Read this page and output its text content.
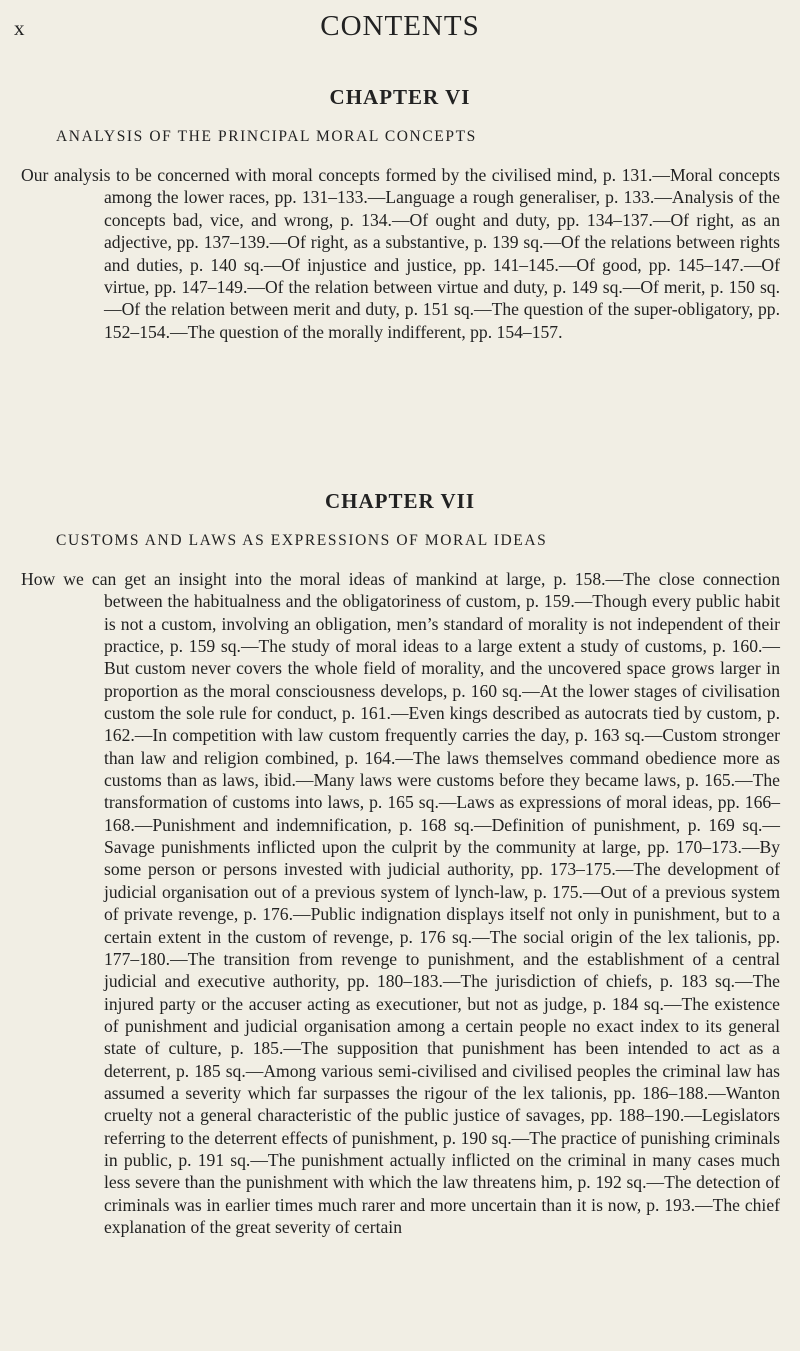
x	CONTENTS
CHAPTER VI
ANALYSIS OF THE PRINCIPAL MORAL CONCEPTS

Our analysis to be concerned with moral concepts formed by the civilised mind, p. 131.—Moral concepts among the lower races, pp. 131–133.—Language a rough generaliser, p. 133.—Analysis of the concepts bad, vice, and wrong, p. 134.—Of ought and duty, pp. 134–137.—Of right, as an adjective, pp. 137–139.—Of right, as a substantive, p. 139 sq.—Of the relations between rights and duties, p. 140 sq.—Of injustice and justice, pp. 141–145.—Of good, pp. 145–147.—Of virtue, pp. 147–149.—Of the relation between virtue and duty, p. 149 sq.—Of merit, p. 150 sq.—Of the relation between merit and duty, p. 151 sq.—The question of the super-obligatory, pp. 152–154.—The question of the morally indifferent, pp. 154–157.

CHAPTER VII
CUSTOMS AND LAWS AS EXPRESSIONS OF MORAL IDEAS

How we can get an insight into the moral ideas of mankind at large, p. 158.—The close connection between the habitualness and the obligatoriness of custom, p. 159.—Though every public habit is not a custom, involving an obligation, men’s standard of morality is not independent of their practice, p. 159 sq.—The study of moral ideas to a large extent a study of customs, p. 160.—But custom never covers the whole field of morality, and the uncovered space grows larger in proportion as the moral consciousness develops, p. 160 sq.—At the lower stages of civilisation custom the sole rule for conduct, p. 161.—Even kings described as autocrats tied by custom, p. 162.—In competition with law custom frequently carries the day, p. 163 sq.—Custom stronger than law and religion combined, p. 164.—The laws themselves command obedience more as customs than as laws, ibid.—Many laws were customs before they became laws, p. 165.—The transformation of customs into laws, p. 165 sq.—Laws as expressions of moral ideas, pp. 166–168.—Punishment and indemnification, p. 168 sq.—Definition of punishment, p. 169 sq.—Savage punishments inflicted upon the culprit by the community at large, pp. 170–173.—By some person or persons invested with judicial authority, pp. 173–175.—The development of judicial organisation out of a previous system of lynch-law, p. 175.—Out of a previous system of private revenge, p. 176.—Public indignation displays itself not only in punishment, but to a certain extent in the custom of revenge, p. 176 sq.—The social origin of the lex talionis, pp. 177–180.—The transition from revenge to punishment, and the establishment of a central judicial and executive authority, pp. 180–183.—The jurisdiction of chiefs, p. 183 sq.—The injured party or the accuser acting as executioner, but not as judge, p. 184 sq.—The existence of punishment and judicial organisation among a certain people no exact index to its general state of culture, p. 185.—The supposition that punishment has been intended to act as a deterrent, p. 185 sq.—Among various semi-civilised and civilised peoples the criminal law has assumed a severity which far surpasses the rigour of the lex talionis, pp. 186–188.—Wanton cruelty not a general characteristic of the public justice of savages, pp. 188–190.—Legislators referring to the deterrent effects of punishment, p. 190 sq.—The practice of punishing criminals in public, p. 191 sq.—The punishment actually inflicted on the criminal in many cases much less severe than the punishment with which the law threatens him, p. 192 sq.—The detection of criminals was in earlier times much rarer and more uncertain than it is now, p. 193.—The chief explanation of the great severity of certain
